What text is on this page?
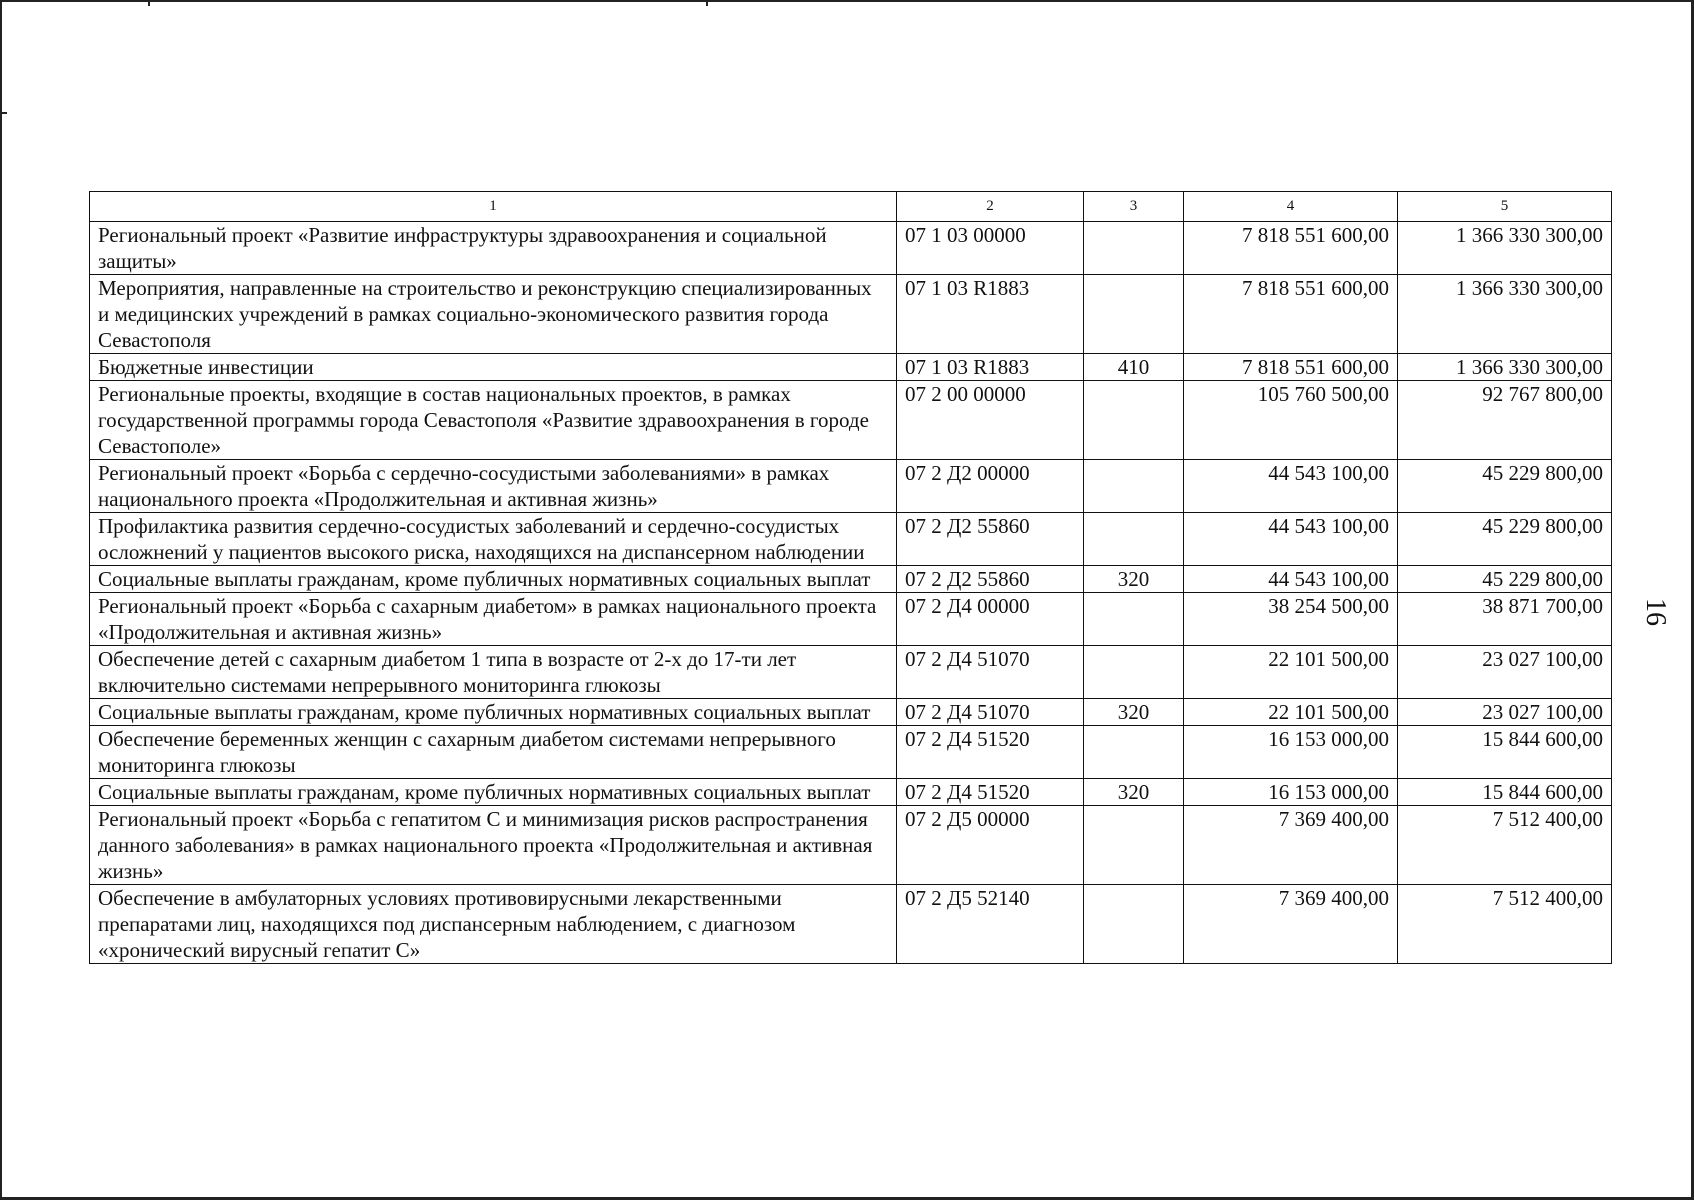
1	2	3	4	5
Региональный проект «Развитие инфраструктуры здравоохранения и социальной защиты»	07 1 03 00000		7 818 551 600,00	1 366 330 300,00
Мероприятия, направленные на строительство и реконструкцию специализированных и медицинских учреждений в рамках социально-экономического развития города Севастополя	07 1 03 R1883		7 818 551 600,00	1 366 330 300,00
Бюджетные инвестиции	07 1 03 R1883	410	7 818 551 600,00	1 366 330 300,00
Региональные проекты, входящие в состав национальных проектов, в рамках государственной программы города Севастополя «Развитие здравоохранения в городе Севастополе»	07 2 00 00000		105 760 500,00	92 767 800,00
Региональный проект «Борьба с сердечно-сосудистыми заболеваниями» в рамках национального проекта «Продолжительная и активная жизнь»	07 2 Д2 00000		44 543 100,00	45 229 800,00
Профилактика развития сердечно-сосудистых заболеваний и сердечно-сосудистых осложнений у пациентов высокого риска, находящихся на диспансерном наблюдении	07 2 Д2 55860		44 543 100,00	45 229 800,00
Социальные выплаты гражданам, кроме публичных нормативных социальных выплат	07 2 Д2 55860	320	44 543 100,00	45 229 800,00
Региональный проект «Борьба с сахарным диабетом» в рамках национального проекта «Продолжительная и активная жизнь»	07 2 Д4 00000		38 254 500,00	38 871 700,00
Обеспечение детей с сахарным диабетом 1 типа в возрасте от 2-х до 17-ти лет включительно системами непрерывного мониторинга глюкозы	07 2 Д4 51070		22 101 500,00	23 027 100,00
Социальные выплаты гражданам, кроме публичных нормативных социальных выплат	07 2 Д4 51070	320	22 101 500,00	23 027 100,00
Обеспечение беременных женщин с сахарным диабетом системами непрерывного мониторинга глюкозы	07 2 Д4 51520		16 153 000,00	15 844 600,00
Социальные выплаты гражданам, кроме публичных нормативных социальных выплат	07 2 Д4 51520	320	16 153 000,00	15 844 600,00
Региональный проект «Борьба с гепатитом С и минимизация рисков распространения данного заболевания» в рамках национального проекта «Продолжительная и активная жизнь»	07 2 Д5 00000		7 369 400,00	7 512 400,00
Обеспечение в амбулаторных условиях противовирусными лекарственными препаратами лиц, находящихся под диспансерным наблюдением, с диагнозом «хронический вирусный гепатит С»	07 2 Д5 52140		7 369 400,00	7 512 400,00
16
